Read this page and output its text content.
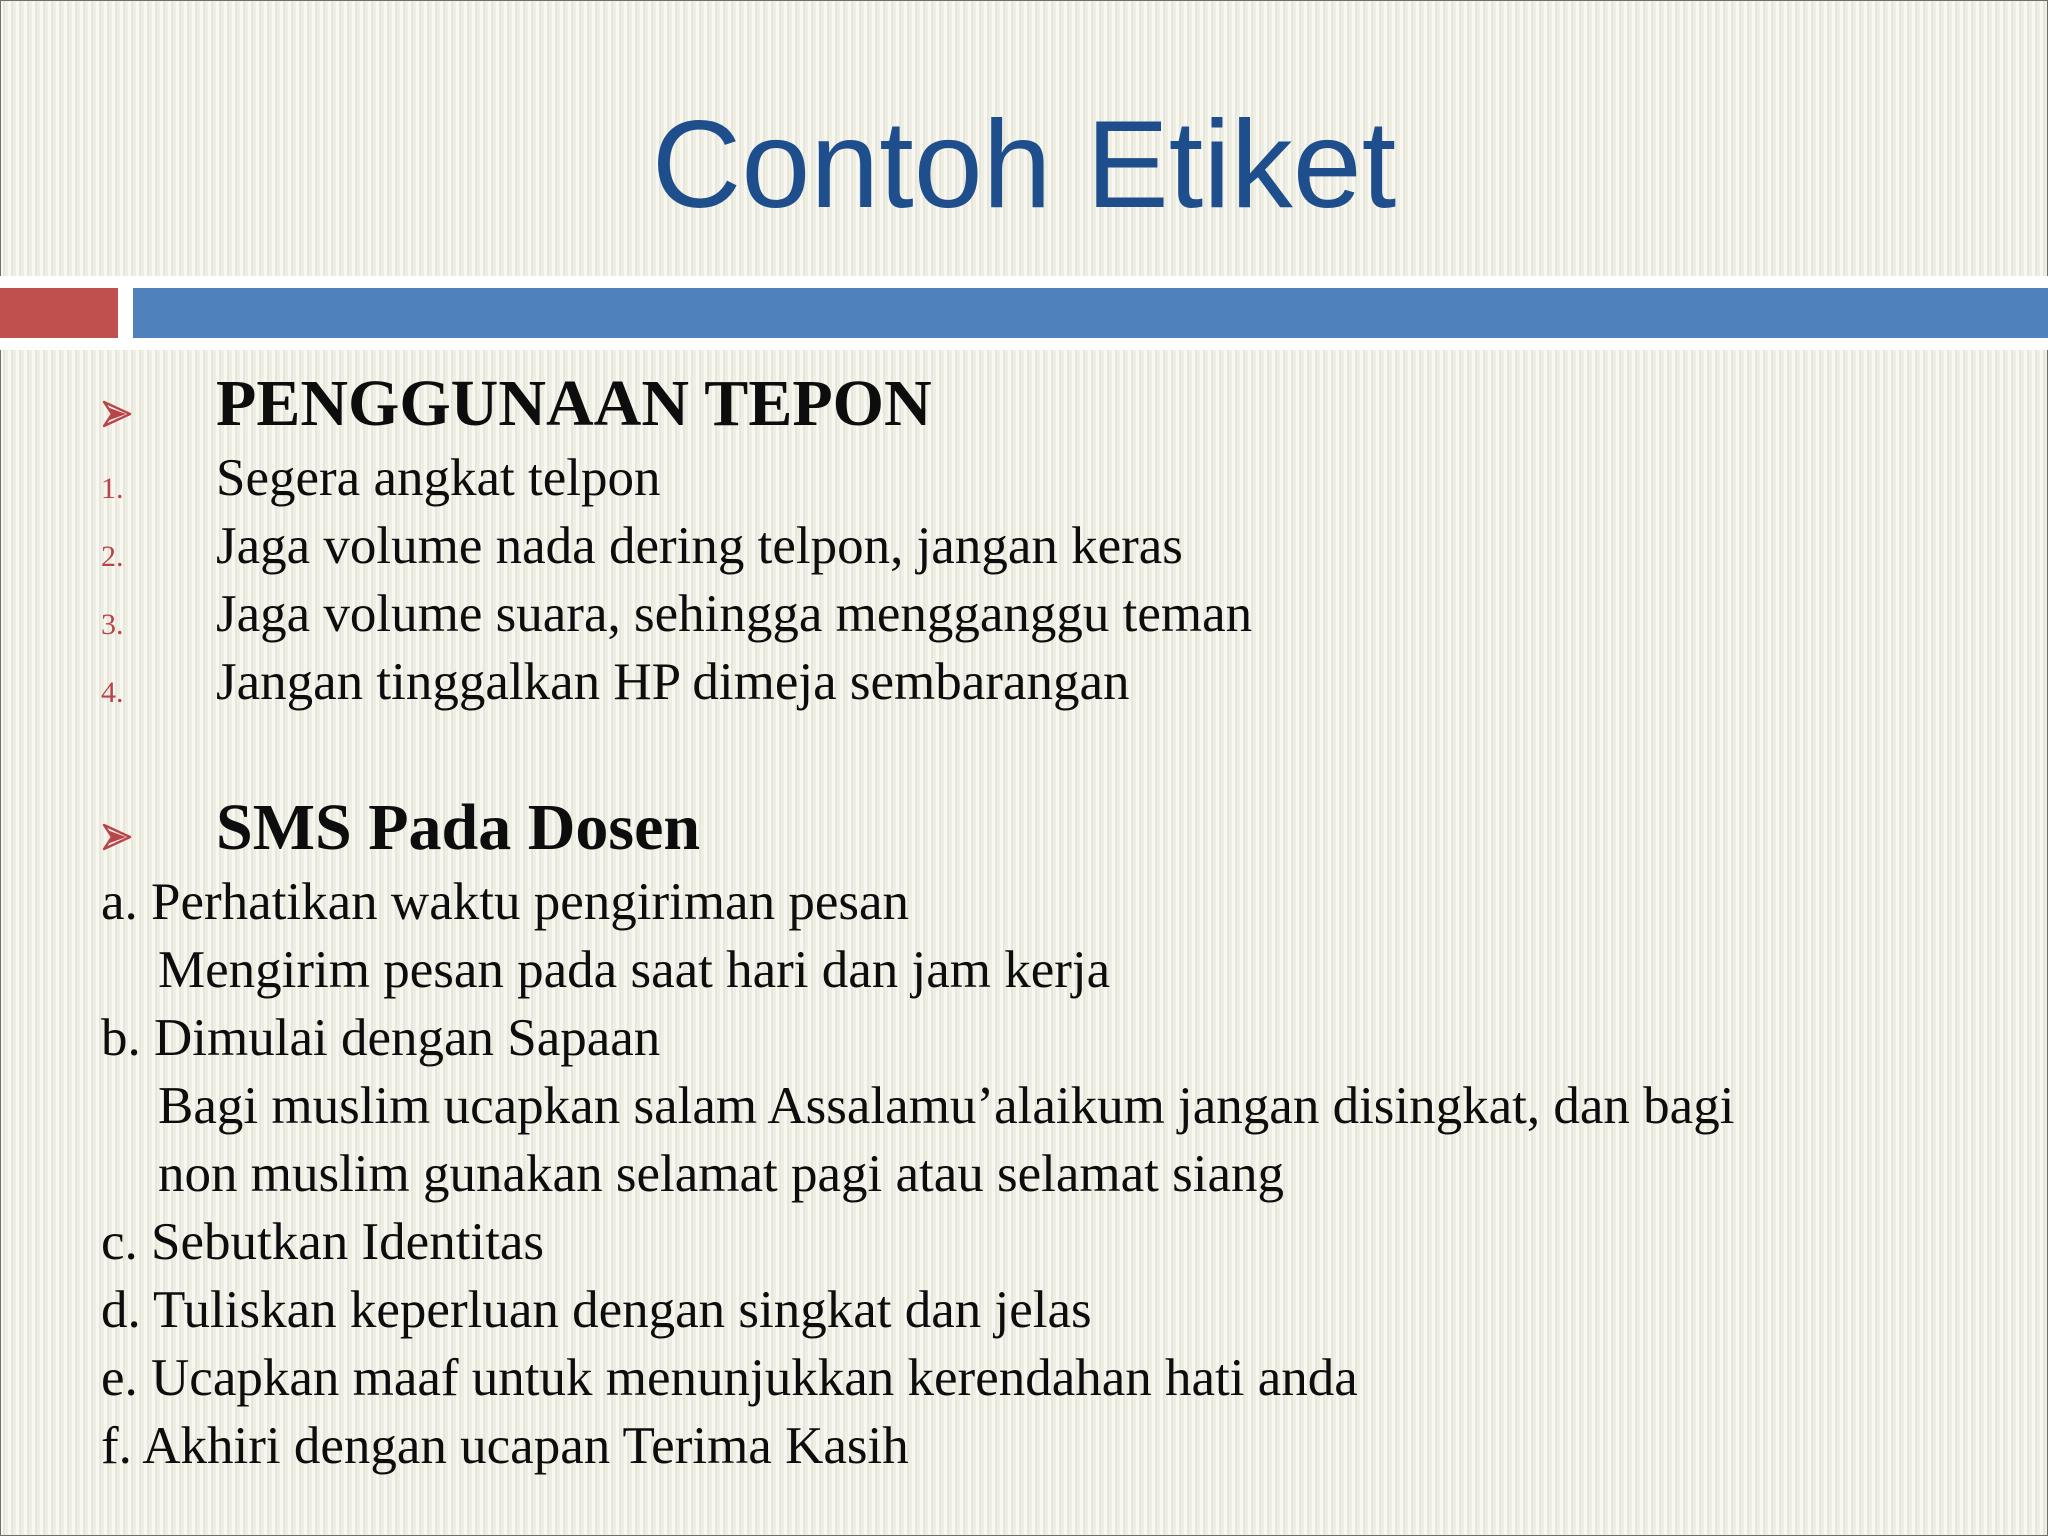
Contoh Etiket
PENGGUNAAN TEPON
1. Segera angkat telpon
2. Jaga volume nada dering telpon, jangan keras
3. Jaga volume suara, sehingga mengganggu teman
4. Jangan tinggalkan HP dimeja sembarangan
SMS Pada Dosen
a. Perhatikan waktu pengiriman pesan
Mengirim pesan pada saat hari dan jam kerja
b. Dimulai dengan Sapaan
Bagi muslim ucapkan salam Assalamu’alaikum jangan disingkat, dan bagi
non muslim gunakan selamat pagi atau selamat siang
c. Sebutkan Identitas
d. Tuliskan keperluan dengan singkat dan jelas
e. Ucapkan maaf untuk menunjukkan kerendahan hati anda
f. Akhiri dengan ucapan Terima Kasih
